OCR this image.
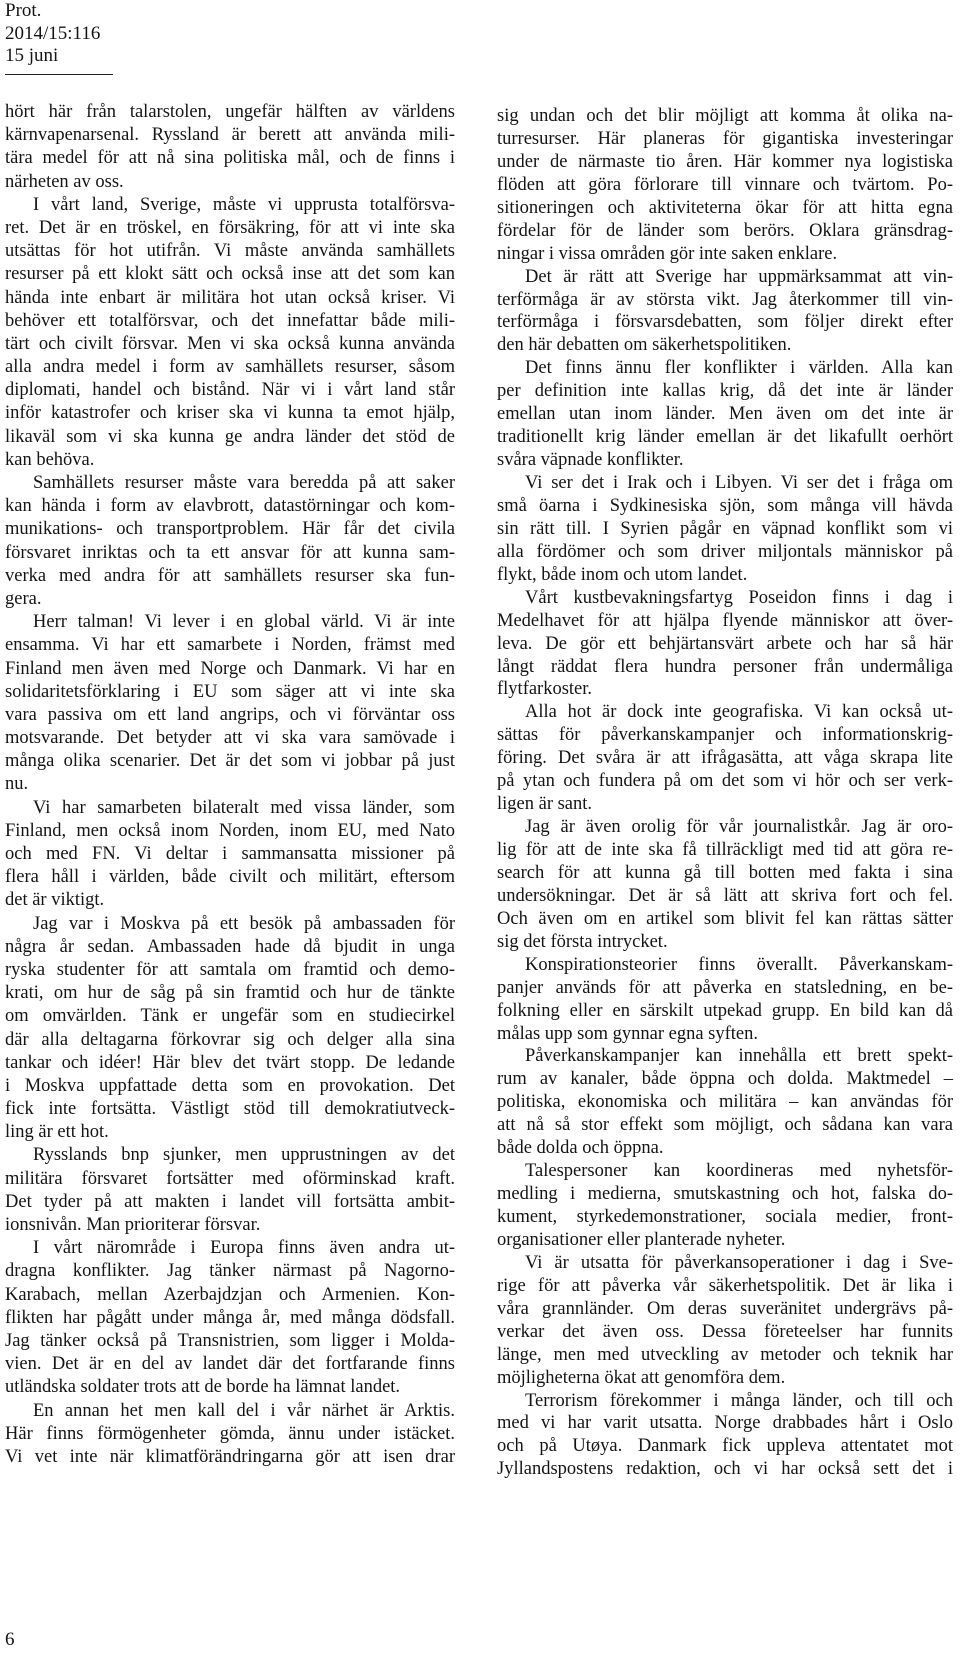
Prot.
2014/15:116
15 juni
hört här från talarstolen, ungefär hälften av världens
kärnvapenarsenal. Ryssland är berett att använda mili-
tära medel för att nå sina politiska mål, och de finns i
närheten av oss.
I vårt land, Sverige, måste vi upprusta totalförsva-
ret. Det är en tröskel, en försäkring, för att vi inte ska
utsättas för hot utifrån. Vi måste använda samhällets
resurser på ett klokt sätt och också inse att det som kan
hända inte enbart är militära hot utan också kriser. Vi
behöver ett totalförsvar, och det innefattar både mili-
tärt och civilt försvar. Men vi ska också kunna använda
alla andra medel i form av samhällets resurser, såsom
diplomati, handel och bistånd. När vi i vårt land står
inför katastrofer och kriser ska vi kunna ta emot hjälp,
likaväl som vi ska kunna ge andra länder det stöd de
kan behöva.
Samhällets resurser måste vara beredda på att saker
kan hända i form av elavbrott, datastörningar och kom-
munikations- och transportproblem. Här får det civila
försvaret inriktas och ta ett ansvar för att kunna sam-
verka med andra för att samhällets resurser ska fun-
gera.
Herr talman! Vi lever i en global värld. Vi är inte
ensamma. Vi har ett samarbete i Norden, främst med
Finland men även med Norge och Danmark. Vi har en
solidaritetsförklaring i EU som säger att vi inte ska
vara passiva om ett land angrips, och vi förväntar oss
motsvarande. Det betyder att vi ska vara samövade i
många olika scenarier. Det är det som vi jobbar på just
nu.
Vi har samarbeten bilateralt med vissa länder, som
Finland, men också inom Norden, inom EU, med Nato
och med FN. Vi deltar i sammansatta missioner på
flera håll i världen, både civilt och militärt, eftersom
det är viktigt.
Jag var i Moskva på ett besök på ambassaden för
några år sedan. Ambassaden hade då bjudit in unga
ryska studenter för att samtala om framtid och demo-
krati, om hur de såg på sin framtid och hur de tänkte
om omvärlden. Tänk er ungefär som en studiecirkel
där alla deltagarna förkovrar sig och delger alla sina
tankar och idéer! Här blev det tvärt stopp. De ledande
i Moskva uppfattade detta som en provokation. Det
fick inte fortsätta. Västligt stöd till demokratiutveck-
ling är ett hot.
Rysslands bnp sjunker, men upprustningen av det
militära försvaret fortsätter med oförminskad kraft.
Det tyder på att makten i landet vill fortsätta ambit-
ionsnivån. Man prioriterar försvar.
I vårt närområde i Europa finns även andra ut-
dragna konflikter. Jag tänker närmast på Nagorno-
Karabach, mellan Azerbajdzjan och Armenien. Kon-
flikten har pågått under många år, med många dödsfall.
Jag tänker också på Transnistrien, som ligger i Molda-
vien. Det är en del av landet där det fortfarande finns
utländska soldater trots att de borde ha lämnat landet.
En annan het men kall del i vår närhet är Arktis.
Här finns förmögenheter gömda, ännu under istäcket.
Vi vet inte när klimatförändringarna gör att isen drar
sig undan och det blir möjligt att komma åt olika na-
turresurser. Här planeras för gigantiska investeringar
under de närmaste tio åren. Här kommer nya logistiska
flöden att göra förlorare till vinnare och tvärtom. Po-
sitioneringen och aktiviteterna ökar för att hitta egna
fördelar för de länder som berörs. Oklara gränsdrag-
ningar i vissa områden gör inte saken enklare.
Det är rätt att Sverige har uppmärksammat att vin-
terförmåga är av största vikt. Jag återkommer till vin-
terförmåga i försvarsdebatten, som följer direkt efter
den här debatten om säkerhetspolitiken.
Det finns ännu fler konflikter i världen. Alla kan
per definition inte kallas krig, då det inte är länder
emellan utan inom länder. Men även om det inte är
traditionellt krig länder emellan är det likafullt oerhört
svåra väpnade konflikter.
Vi ser det i Irak och i Libyen. Vi ser det i fråga om
små öarna i Sydkinesiska sjön, som många vill hävda
sin rätt till. I Syrien pågår en väpnad konflikt som vi
alla fördömer och som driver miljontals människor på
flykt, både inom och utom landet.
Vårt kustbevakningsfartyg Poseidon finns i dag i
Medelhavet för att hjälpa flyende människor att över-
leva. De gör ett behjärtansvärt arbete och har så här
långt räddat flera hundra personer från undermåliga
flytfarkoster.
Alla hot är dock inte geografiska. Vi kan också ut-
sättas för påverkanskampanjer och informationskrig-
föring. Det svåra är att ifrågasätta, att våga skrapa lite
på ytan och fundera på om det som vi hör och ser verk-
ligen är sant.
Jag är även orolig för vår journalistkår. Jag är oro-
lig för att de inte ska få tillräckligt med tid att göra re-
search för att kunna gå till botten med fakta i sina
undersökningar. Det är så lätt att skriva fort och fel.
Och även om en artikel som blivit fel kan rättas sätter
sig det första intrycket.
Konspirationsteorier finns överallt. Påverkanskam-
panjer används för att påverka en statsledning, en be-
folkning eller en särskilt utpekad grupp. En bild kan då
målas upp som gynnar egna syften.
Påverkanskampanjer kan innehålla ett brett spekt-
rum av kanaler, både öppna och dolda. Maktmedel –
politiska, ekonomiska och militära – kan användas för
att nå så stor effekt som möjligt, och sådana kan vara
både dolda och öppna.
Talespersoner kan koordineras med nyhetsför-
medling i medierna, smutskastning och hot, falska do-
kument, styrkedemonstrationer, sociala medier, front-
organisationer eller planterade nyheter.
Vi är utsatta för påverkansoperationer i dag i Sve-
rige för att påverka vår säkerhetspolitik. Det är lika i
våra grannländer. Om deras suveränitet undergrävs på-
verkar det även oss. Dessa företeelser har funnits
länge, men med utveckling av metoder och teknik har
möjligheterna ökat att genomföra dem.
Terrorism förekommer i många länder, och till och
med vi har varit utsatta. Norge drabbades hårt i Oslo
och på Utøya. Danmark fick uppleva attentatet mot
Jyllandspostens redaktion, och vi har också sett det i
6
